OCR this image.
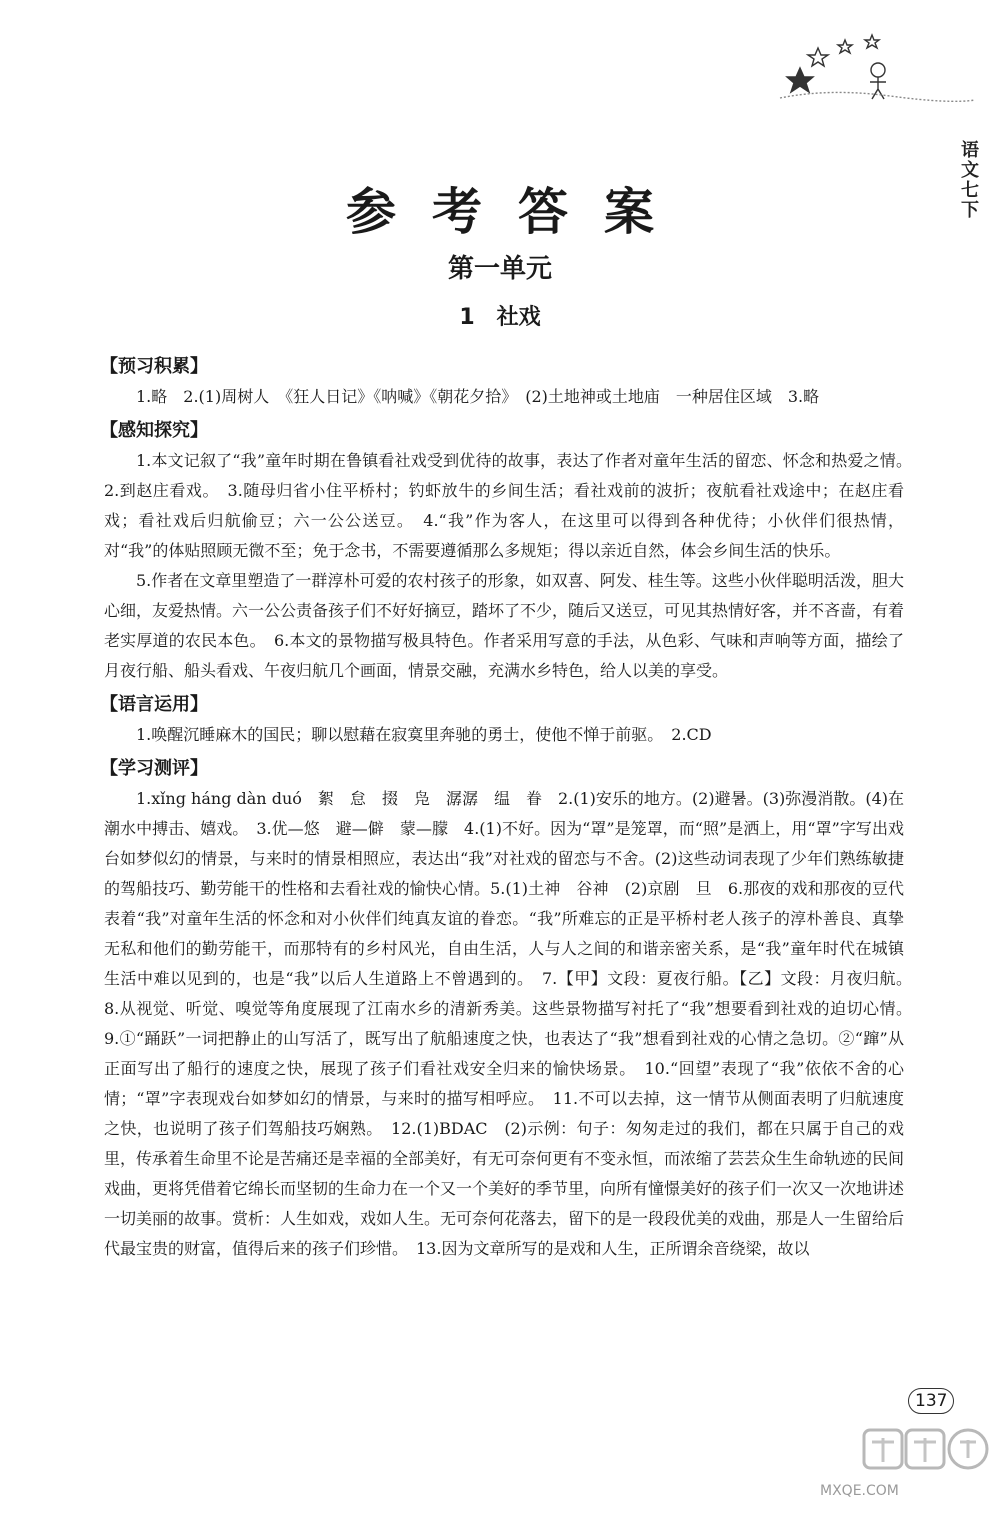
语文七下
参考答案
第一单元
1　社戏
【预习积累】

1.略　2.(1)周树人　《狂人日记》《呐喊》《朝花夕拾》　(2)土地神或土地庙　一种居住区域　3.略

【感知探究】

1.本文记叙了“我”童年时期在鲁镇看社戏受到优待的故事，表达了作者对童年生活的留恋、怀念和热爱之情。　2.到赵庄看戏。　3.随母归省小住平桥村；钓虾放牛的乡间生活；看社戏前的波折；夜航看社戏途中；在赵庄看戏；看社戏后归航偷豆；六一公公送豆。　4.“我”作为客人，在这里可以得到各种优待；小伙伴们很热情，对“我”的体贴照顾无微不至；免于念书，不需要遵循那么多规矩；得以亲近自然，体会乡间生活的快乐。

5.作者在文章里塑造了一群淳朴可爱的农村孩子的形象，如双喜、阿发、桂生等。这些小伙伴聪明活泼，胆大心细，友爱热情。六一公公责备孩子们不好好摘豆，踏坏了不少，随后又送豆，可见其热情好客，并不吝啬，有着老实厚道的农民本色。　6.本文的景物描写极具特色。作者采用写意的手法，从色彩、气味和声响等方面，描绘了月夜行船、船头看戏、午夜归航几个画面，情景交融，充满水乡特色，给人以美的享受。

【语言运用】

1.唤醒沉睡麻木的国民；聊以慰藉在寂寞里奔驰的勇士，使他不惮于前驱。　2.CD

【学习测评】

1.xǐng háng dàn duó　絮　怠　掇　凫　潺潺　缊　眷　2.(1)安乐的地方。(2)避暑。(3)弥漫消散。(4)在潮水中搏击、嬉戏。　3.优—悠　避—僻　蒙—朦　4.(1)不好。因为“罩”是笼罩，而“照”是洒上，用“罩”字写出戏台如梦似幻的情景，与来时的情景相照应，表达出“我”对社戏的留恋与不舍。(2)这些动词表现了少年们熟练敏捷的驾船技巧、勤劳能干的性格和去看社戏的愉快心情。5.(1)土神　谷神　(2)京剧　旦　6.那夜的戏和那夜的豆代表着“我”对童年生活的怀念和对小伙伴们纯真友谊的眷恋。“我”所难忘的正是平桥村老人孩子的淳朴善良、真挚无私和他们的勤劳能干，而那特有的乡村风光，自由生活，人与人之间的和谐亲密关系，是“我”童年时代在城镇生活中难以见到的，也是“我”以后人生道路上不曾遇到的。　7.【甲】文段：夏夜行船。【乙】文段：月夜归航。　8.从视觉、听觉、嗅觉等角度展现了江南水乡的清新秀美。这些景物描写衬托了“我”想要看到社戏的迫切心情。　9.①“踊跃”一词把静止的山写活了，既写出了航船速度之快，也表达了“我”想看到社戏的心情之急切。②“蹿”从正面写出了船行的速度之快，展现了孩子们看社戏安全归来的愉快场景。　10.“回望”表现了“我”依依不舍的心情；“罩”字表现戏台如梦如幻的情景，与来时的描写相呼应。　11.不可以去掉，这一情节从侧面表明了归航速度之快，也说明了孩子们驾船技巧娴熟。　12.(1)BDAC　(2)示例：句子：匆匆走过的我们，都在只属于自己的戏里，传承着生命里不论是苦痛还是幸福的全部美好，有无可奈何更有不变永恒，而浓缩了芸芸众生生命轨迹的民间戏曲，更将凭借着它绵长而坚韧的生命力在一个又一个美好的季节里，向所有憧憬美好的孩子们一次又一次地讲述一切美丽的故事。赏析：人生如戏，戏如人生。无可奈何花落去，留下的是一段段优美的戏曲，那是人一生留给后代最宝贵的财富，值得后来的孩子们珍惜。　13.因为文章所写的是戏和人生，正所谓余音绕梁，故以

137
MXQE.COM
